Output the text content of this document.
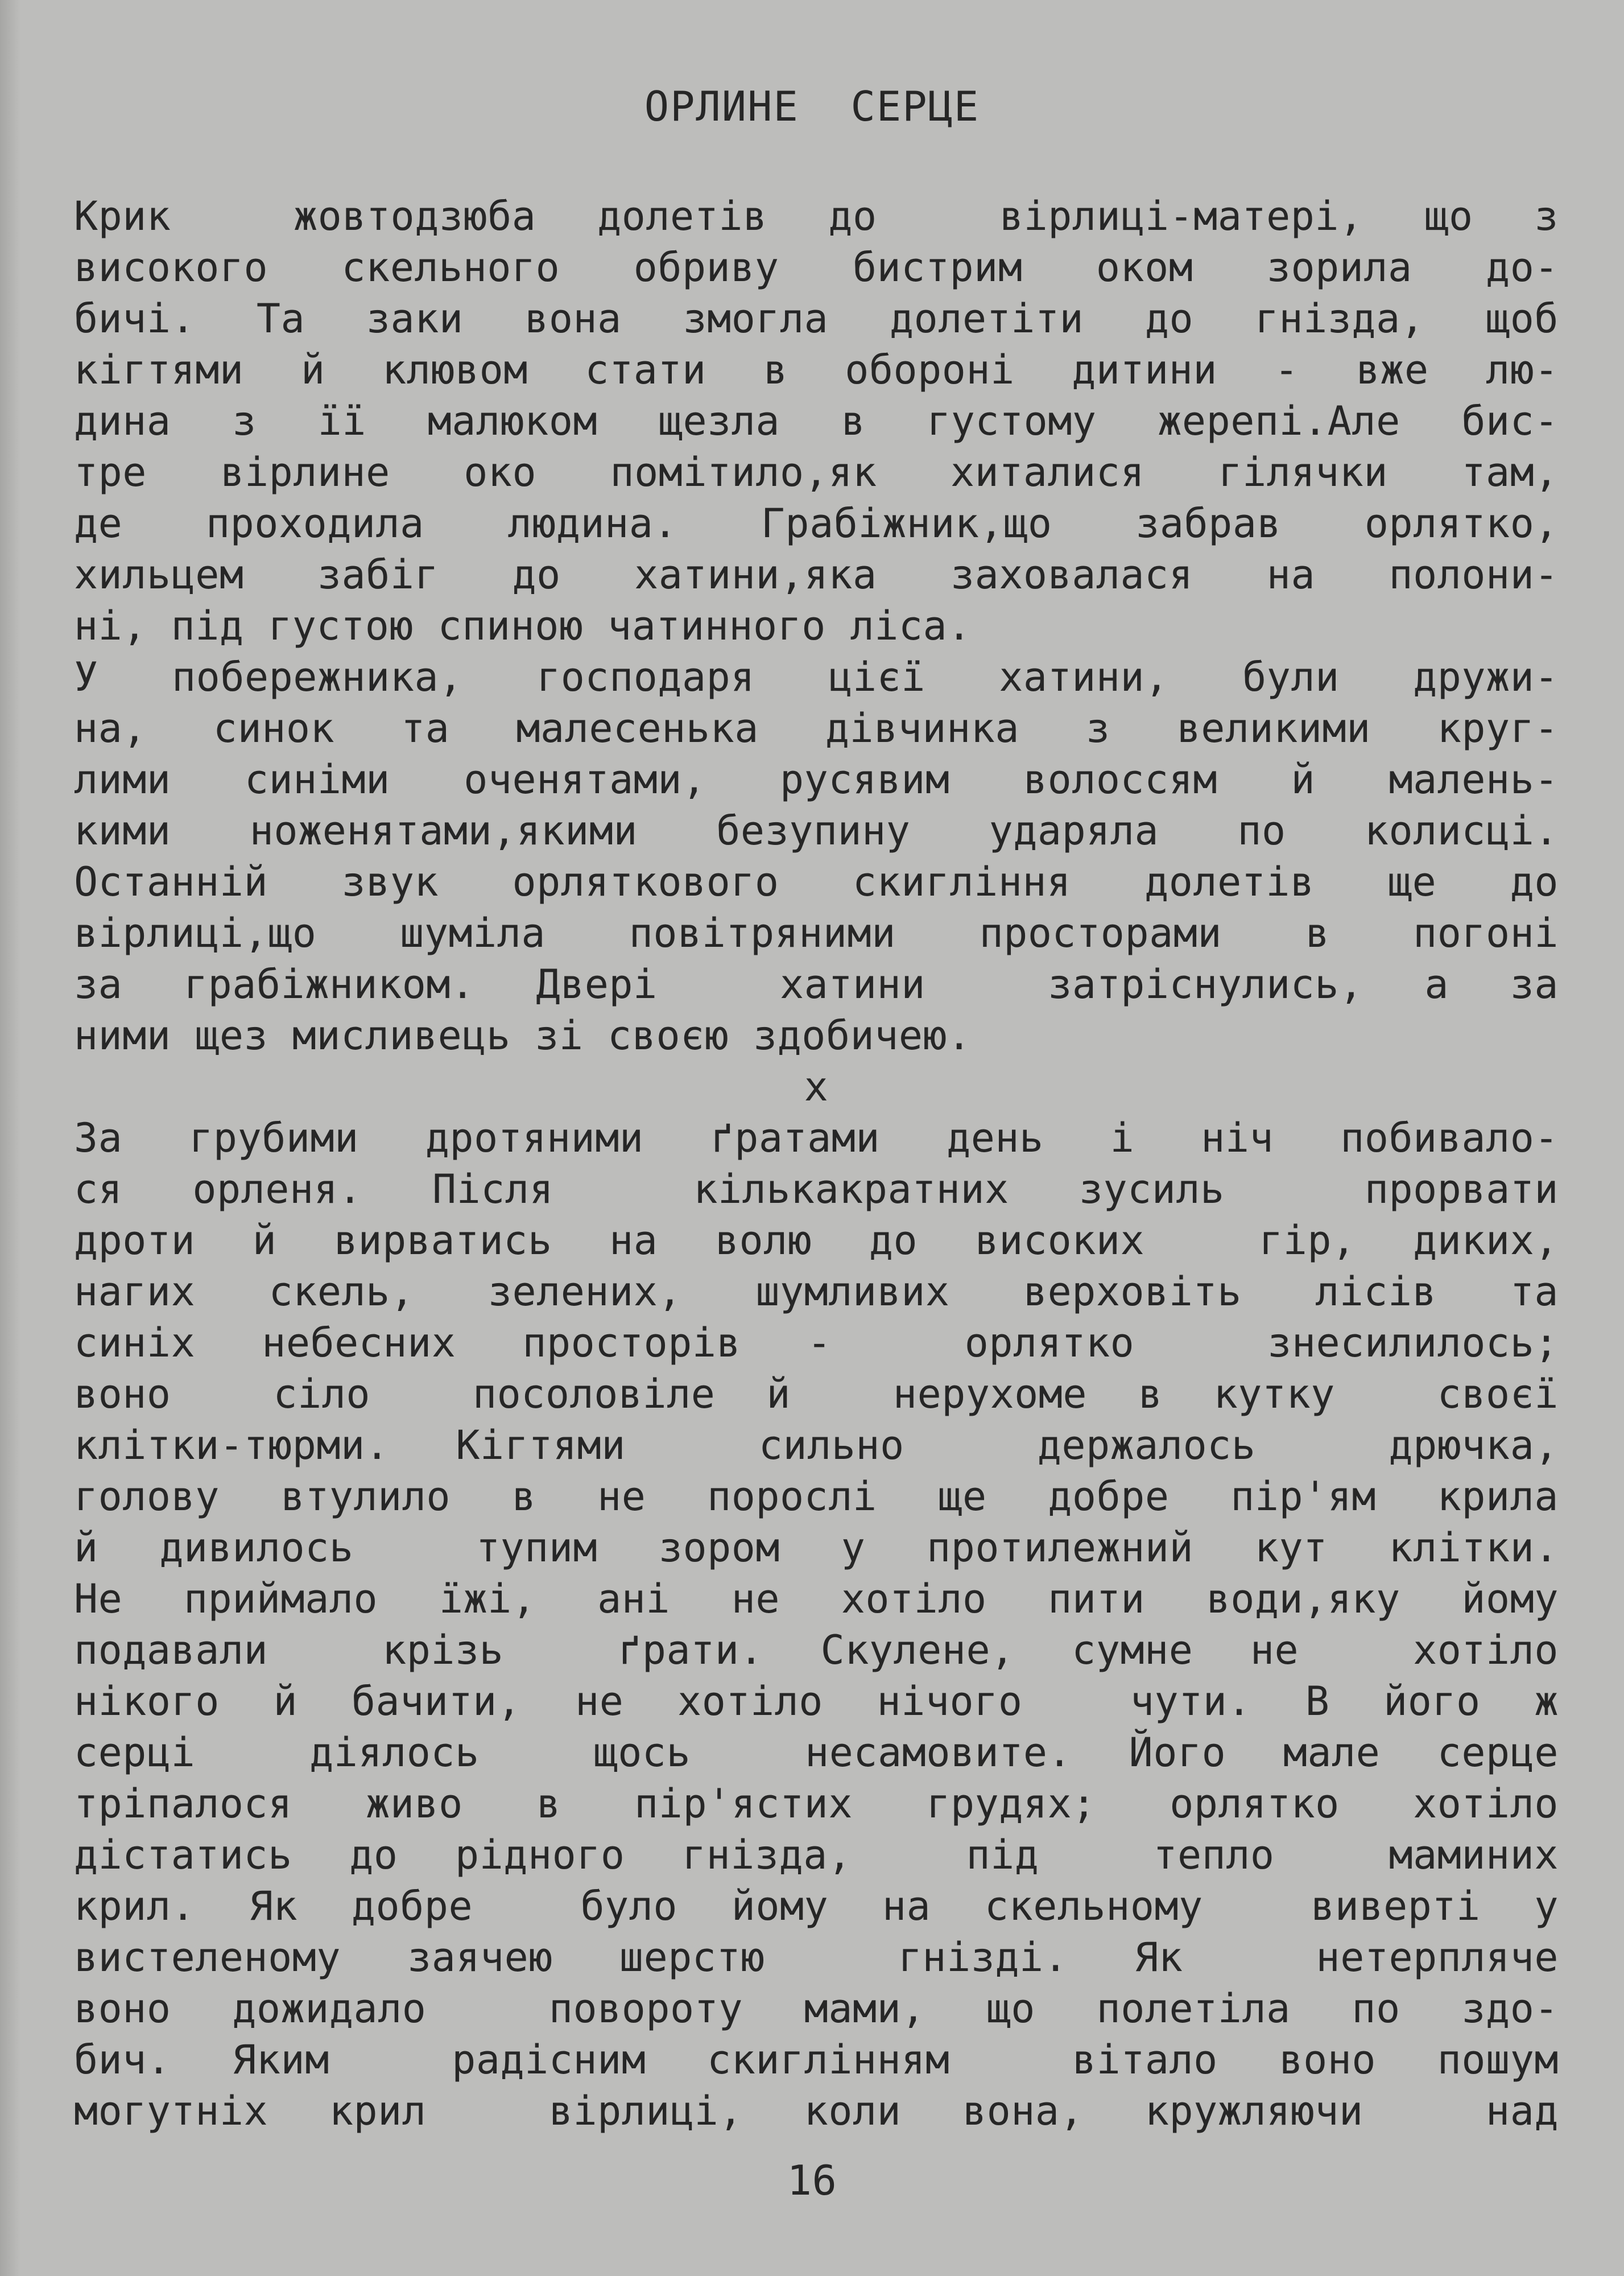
ОРЛИНЕ  СЕРЦЕ
Крик  жовтодзюба долетів до  вірлиці-матері, що з
високого скельного обриву бистрим оком зорила до-
бичі. Та заки вона змогла долетіти до гнізда, щоб
кігтями й клювом стати в обороні дитини - вже лю-
дина з її малюком щезла в густому жерепі.Але бис-
тре вірлине око помітило,як хиталися гілячки там,
де проходила людина. Грабіжник,що забрав орлятко,
хильцем забіг до хатини,яка заховалася на полони-
ні, під густою спиною чатинного ліса.
У побережника, господаря цієї хатини, були дружи-
на, синок та малесенька дівчинка з великими круг-
лими синіми оченятами, русявим волоссям й малень-
кими ноженятами,якими безупину ударяла по колисці.
Останній звук орляткового скигління долетів ще до
вірлиці,що шуміла повітряними просторами в погоні
за грабіжником. Двері  хатини  затріснулись, а за
ними щез мисливець зі своєю здобичею.
x
За грубими дротяними ґратами день і ніч побивало-
ся орленя. Після  кількакратних зусиль  прорвати
дроти й вирватись на волю до високих  гір, диких,
нагих скель, зелених, шумливих верховіть лісів та
синіх небесних просторів -  орлятко  знесилилось;
воно  сіло  посоловіле й  нерухоме в кутку  своєї
клітки-тюрми. Кігтями  сильно  держалось  дрючка,
голову втулило в не порослі ще добре пір'ям крила
й дивилось  тупим зором у протилежний кут клітки.
Не приймало їжі, ані не хотіло пити води,яку йому
подавали  крізь  ґрати. Скулене, сумне не  хотіло
нікого й бачити, не хотіло нічого  чути. В його ж
серці  діялось  щось  несамовите. Його мале серце
тріпалося живо в пір'ястих грудях; орлятко хотіло
дістатись до рідного гнізда,  під  тепло  маминих
крил. Як добре  було йому на скельному  виверті у
вистеленому заячею шерстю  гнізді. Як  нетерпляче
воно дожидало  повороту мами, що полетіла по здо-
бич. Яким  радісним скиглінням  вітало воно пошум
могутніх крил  вірлиці, коли вона, кружляючи  над
16
